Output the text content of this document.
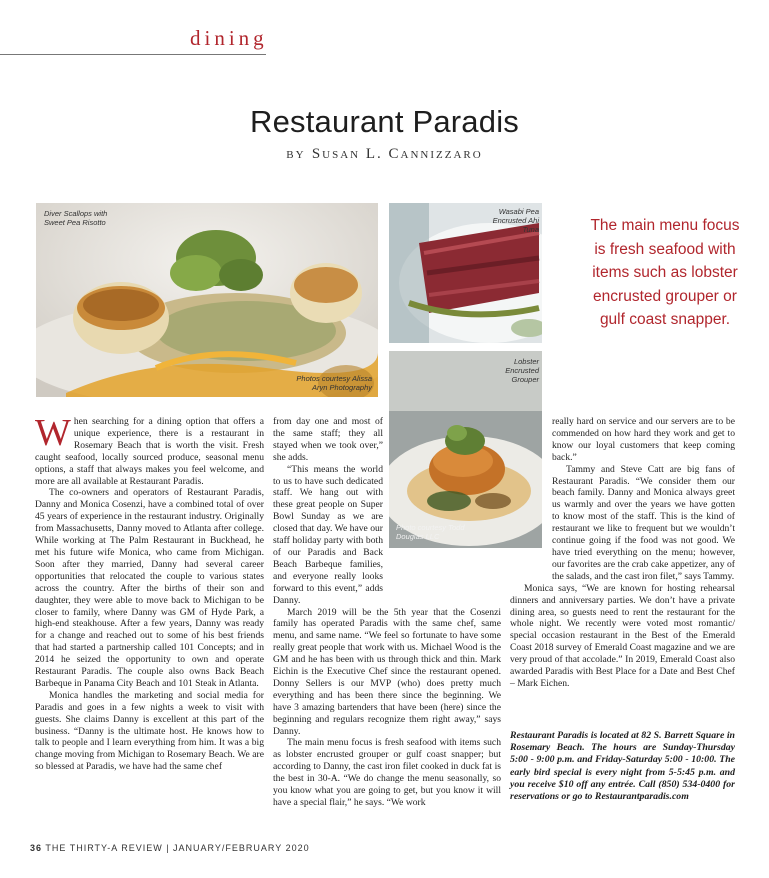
dining
Restaurant Paradis
by Susan L. Cannizzaro
Diver Scallops with Sweet Pea Risotto
Photos courtesy Alissa Aryn Photography
Wasabi Pea Encrusted Ahi Tuna
Lobster Encrusted Grouper
Photo courtesy Todd Douglas LLC
The main menu focus is fresh seafood with items such as lobster encrusted grouper or gulf coast snapper.

When searching for a dining option that offers a unique experience, there is a restaurant in Rosemary Beach that is worth the visit. Fresh caught seafood, locally sourced produce, seasonal menu options, a staff that always makes you feel welcome, and more are all available at Restaurant Paradis.

The co-owners and operators of Restaurant Paradis, Danny and Monica Cosenzi, have a combined total of over 45 years of experience in the restaurant industry. Originally from Massachusetts, Danny moved to Atlanta after college. While working at The Palm Restaurant in Buckhead, he met his future wife Monica, who came from Michigan. Soon after they married, Danny had several career opportunities that relocated the couple to various states across the country. After the births of their son and daughter, they were able to move back to Michigan to be closer to family, where Danny was GM of Hyde Park, a high-end steakhouse. After a few years, Danny was ready for a change and reached out to some of his best friends that had started a partnership called 101 Concepts; and in 2014 he seized the opportunity to own and operate Restaurant Paradis. The couple also owns Back Beach Barbeque in Panama City Beach and 101 Steak in Atlanta.

Monica handles the marketing and social media for Paradis and goes in a few nights a week to visit with guests. She claims Danny is excellent at this part of the business. “Danny is the ultimate host. He knows how to talk to people and I learn everything from him. It was a big change moving from Michigan to Rosemary Beach. We are so blessed at Paradis, we have had the same chef

from day one and most of the same staff; they all stayed when we took over,” she adds.

“This means the world to us to have such dedicated staff. We hang out with these great people on Super Bowl Sunday as we are closed that day. We have our staff holiday party with both of our Paradis and Back Beach Barbeque families, and everyone really looks forward to this event,” adds Danny.

March 2019 will be the 5th year that the Cosenzi family has operated Paradis with the same chef, same menu, and same name. “We feel so fortunate to have some really great people that work with us. Michael Wood is the GM and he has been with us through thick and thin. Mark Eichin is the Executive Chef since the restaurant opened. Donny Sellers is our MVP (who) does pretty much everything and has been there since the beginning. We have 3 amazing bartenders that have been (here) since the beginning and regulars recognize them right away,” says Danny.

The main menu focus is fresh seafood with items such as lobster encrusted grouper or gulf coast snapper; but according to Danny, the cast iron filet cooked in duck fat is the best in 30-A. “We do change the menu seasonally, so you know what you are going to get, but you know it will have a special flair,” he says. “We work

really hard on service and our servers are to be commended on how hard they work and get to know our loyal customers that keep coming back.”

Tammy and Steve Catt are big fans of Restaurant Paradis. “We consider them our beach family. Danny and Monica always greet us warmly and over the years we have gotten to know most of the staff. This is the kind of restaurant we like to frequent but we wouldn’t continue going if the food was not good. We have tried everything on the menu; however, our favorites are the crab cake appetizer, any of the salads, and the cast iron filet,” says Tammy.

Monica says, “We are known for hosting rehearsal dinners and anniversary parties. We don’t have a private dining area, so guests need to rent the restaurant for the whole night. We recently were voted most romantic/ special occasion restaurant in the Best of the Emerald Coast 2018 survey of Emerald Coast magazine and we are very proud of that accolade.” In 2019, Emerald Coast also awarded Paradis with Best Place for a Date and Best Chef – Mark Eichen.

Restaurant Paradis is located at 82 S. Barrett Square in Rosemary Beach. The hours are Sunday-Thursday 5:00 - 9:00 p.m. and Friday-Saturday 5:00 - 10:00. The early bird special is every night from 5-5:45 p.m. and you receive $10 off any entrée. Call (850) 534-0400 for reservations or go to Restaurantparadis.com
36 THE THIRTY-A REVIEW | JANUARY/FEBRUARY 2020
